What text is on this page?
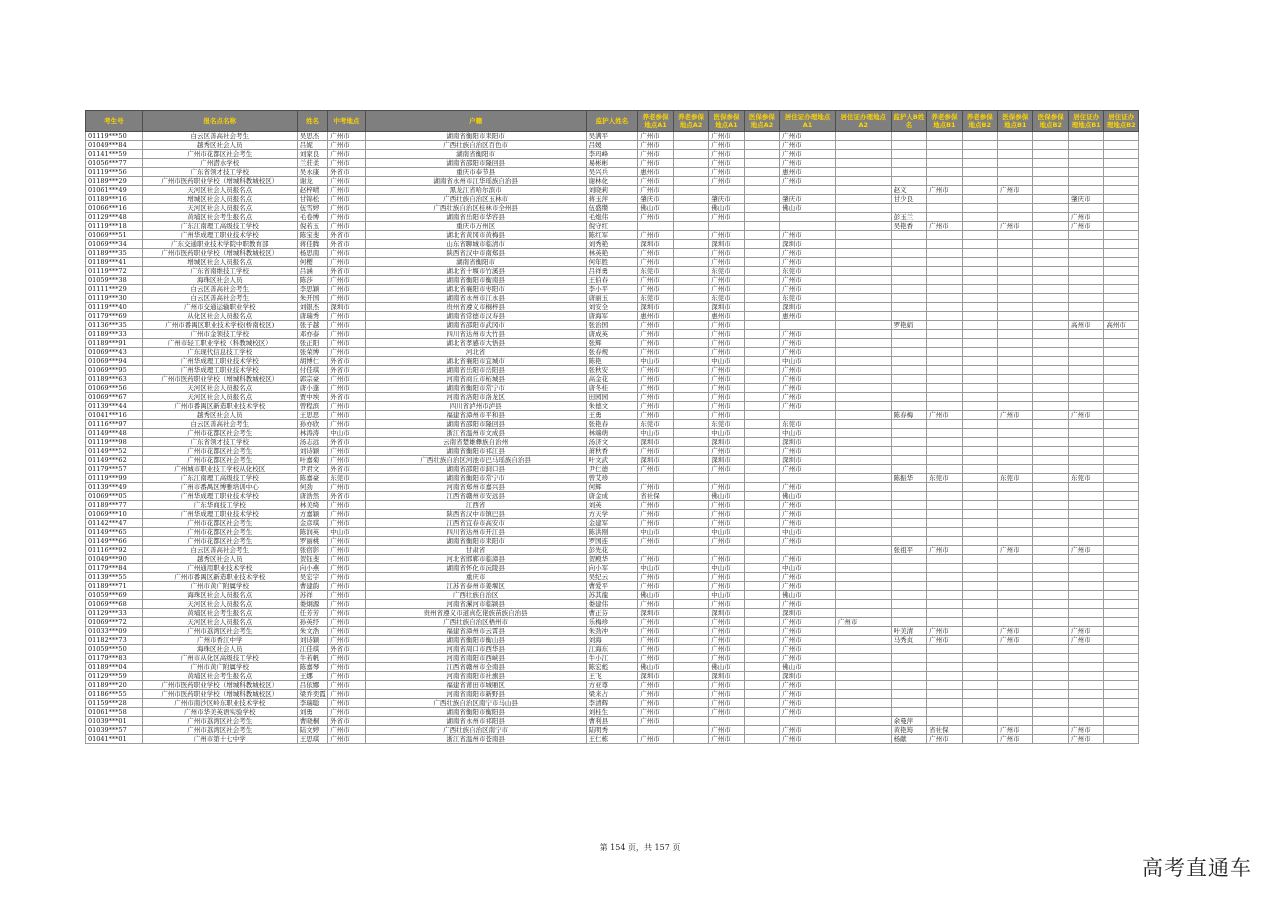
考生号	报名点名称	姓名	中考地点	户籍	监护人姓名	养老参保地点A1	养老参保地点A2	医保参保地点A1	医保参保地点A2	居住证办理地点A1	居住证办理地点A2	监护人B姓名	养老参保地点B1	养老参保地点B2	医保参保地点B1	医保参保地点B2	居住证办理地点B1	居住证办理地点B2
01119***50	白云区善高社会考生	吴思杰	广州市	湖南省衡阳市耒阳市	吴满平	广州市		广州市		广州市								
01049***84	越秀区社会人员	吕妮	广州市	广西壮族自治区百色市	吕媛	广州市		广州市		广州市								
01141***59	广州市花都区社会考生	刘家良	广州市	湖南省衡阳市	李玛峰	广州市		广州市		广州市								
01056***77	广州潜水学校	兰莊柔	广州市	湖南省邵阳市隆回县	易彬彬	广州市		广州市		广州市								
01119***56	广东省领才技工学校	吴永康	外省市	重庆市奉节县	吴兴兵	惠州市		广州市		惠州市								
01189***29	广州市医药职业学校（增城科教城校区）	谢龙	广州市	湖南省永州市江华瑶族自治县	谢林化	广州市		广州市		广州市								
01061***49	天河区社会人员报名点	赵梓晴	广州市	黑龙江省哈尔滨市	刘晓莉	广州市						赵义	广州市		广州市			
01189***16	增城区社会人员报名点	甘锦松	广州市	广西壮族自治区玉林市	蒋玉萍	肇庆市		肇庆市		肇庆市		甘少良					肇庆市	
01066***16	天河区社会人员报名点	伍雪婷	广州市	广西壮族自治区桂林市全州县	伍盛缵	佛山市		佛山市		佛山市								
01129***48	黄埔区社会考生报名点	毛卷博	广州市	湖南省岳阳市华容县	毛炮伟	广州市		广州市				彭玉兰					广州市	
01119***18	广东江南理工高级技工学校	倪若玉	广州市	重庆市万州区	倪守红							吴艳香	广州市		广州市		广州市	
01069***51	广州华成理工职业技术学校	陈宝斐	外省市	湖北省黄冈市黄梅县	陈红军	广州市		广州市		广州市								
01069***34	广东交通职业技术学院中职教育部	蒋佳腾	外省市	山东省聊城市临清市	刘秀艳	深圳市		深圳市		深圳市								
01189***35	广州市医药职业学校（增城科教城校区）	杨思南	广州市	陕西省汉中市南郑县	林英艳	广州市		广州市		广州市								
01189***41	增城区社会人员报名点	何樱	广州市	湖南省衡阳市	何年胜	广州市		广州市		广州市								
01119***72	广东省南维技工学校	吕涵	外省市	湖北省十堰市竹溪县	吕祥勇	东莞市		东莞市		东莞市								
01059***38	海珠区社会人员	陈莎	广州市	湖南省衡阳市衡南县	王伯春	广州市		广州市		广州市								
01111***29	白云区善高社会考生	李思颖	广州市	湖北省襄阳市枣阳市	李小平	广州市		广州市		广州市								
01119***30	白云区善高社会考生	朱开国	广州市	湖南省永州市江永县	唐丽玉	东莞市		东莞市		东莞市								
01119***40	广州市交通运输职业学校	刘银杰	深圳市	贵州省遵义市桐梓县	刘安全	深圳市		深圳市		深圳市								
01179***69	从化区社会人员报名点	唐瑞秀	广州市	湖南省常德市汉寿县	唐海军	惠州市		惠州市		惠州市								
01136***35	广州市番禺区职业技术学校(桥南校区)	张子越	广州市	湖南省邵阳市武冈市	张治国	广州市		广州市				罗艳娟					高州市	高州市
01189***33	广州市金领技工学校	邓亦泰	广州市	四川省达州市大竹县	唐成英	广州市		广州市		广州市								
01189***91	广州市轻工职业学校（科教城校区）	张正阳	广州市	湖北省孝感市大悟县	张辉	广州市		广州市		广州市								
01069***43	广东现代信息技工学校	张荣博	广州市	河北省	张春规	广州市		广州市		广州市								
01069***94	广州华成理工职业技术学校	胡博仁	外省市	湖北省襄阳市宜城市	陈艳	中山市		中山市		中山市								
01069***95	广州华成理工职业技术学校	付佳琪	外省市	湖南省岳阳市岳阳县	张秋安	广州市		广州市		广州市								
01189***63	广州市医药职业学校（增城科教城校区）	郭宗豪	广州市	河南省商丘市柘城县	高金花	广州市		广州市		广州市								
01069***56	天河区社会人员报名点	唐小蓬	广州市	湖南省衡阳市常宁市	唐冬桂	广州市		广州市		广州市								
01069***67	天河区社会人员报名点	贾中埃	外省市	河南省洛阳市洛龙区	田园园	广州市		广州市		广州市								
01139***44	广州市番禺区新造职业技术学校	曾程滨	广州市	四川省泸州市泸县	朱德文	广州市		广州市		广州市								
01041***16	越秀区社会人员	王思思	广州市	福建省漳州市平和县	王勇	广州市		广州市				陈春梅	广州市		广州市		广州市	
01116***97	白云区善高社会考生	孙亦欣	广州市	湖南省邵阳市隆回县	张艳春	东莞市		东莞市		东莞市								
01149***48	广州市花都区社会考生	林涛涛	中山市	浙江省温州市文成县	林端萌	中山市		中山市		中山市								
01119***98	广东省领才技工学校	汤志远	外省市	云南省楚雄彝族自治州	汤济文	深圳市		深圳市		深圳市								
01149***52	广州市花都区社会考生	刘诗颖	广州市	湖南省衡阳市祁江县	萧秋香	广州市		广州市		广州市								
01149***62	广州市花都区社会考生	叶嘉菊	广州市	广西壮族自治区河池市巴马瑶族自治县	叶文武	深圳市		深圳市		深圳市								
01179***57	广州城市职业技工学校从化校区	尹君文	外省市	湖南省邵阳市洞口县	尹仁德	广州市		广州市		广州市								
01119***99	广东江南理工高级技工学校	陈嘉豪	东莞市	湖南省衡阳市常宁市	曾艾珍							陈振华	东莞市		东莞市		东莞市	
01139***49	广州市番禺区博雅培训中心	何劲	广州市	河南省郑州市嘉兴县	何辉	广州市		广州市		广州市								
01069***05	广州华成理工职业技术学校	唐浩然	外省市	江西省赣州市安远县	唐金成	省社保		佛山市		佛山市								
01189***77	广东华商技工学校	林美绮	广州市	江西省	刘英	广州市		广州市		广州市								
01069***10	广州华成理工职业技术学校	方嘉颖	广州市	陕西省汉中市镇巴县	方天学	广州市		广州市		广州市								
01142***47	广州市花都区社会考生	金彦琪	广州市	江西省宜春市高安市	金建军	广州市		广州市		广州市								
01149***65	广州市花都区社会考生	陈润英	中山市	四川省达州市开江县	陈洪刚	中山市		中山市		中山市								
01149***66	广州市花都区社会考生	罗丽桃	广州市	湖南省衡阳市耒阳市	罗国连	广州市		广州市		广州市								
01116***92	白云区善高社会考生	张宿影	广州市	甘肃省	彭先花							张祖平	广州市		广州市		广州市	
01049***90	越秀区社会人员	贺钰斐	广州市	河北省邯郸市临漳县	贺殿华	广州市		广州市		广州市								
01179***84	广州通用职业技术学校	向小燕	广州市	湖南省怀化市沅陵县	向小军	中山市		中山市		中山市								
01139***55	广州市番禺区新造职业技术学校	吴宏宇	广州市	重庆市	吴纪云	广州市		广州市		广州市								
01189***71	广州市黄广附属学校	曹建韵	广州市	江苏省泰州市姜堰区	曹爱平	广州市		广州市		广州市								
01059***69	海珠区社会人员报名点	苏祥	广州市	广西壮族自治区	苏其龍	佛山市		中山市		佛山市								
01069***68	天河区社会人员报名点	娄炯源	广州市	河南省漯河市临颍县	娄建伟	广州市		广州市		广州市								
01129***33	黄埔区社会考生报名点	任芳芳	广州市	贵州省遵义市道真仡佬族苗族自治县	曹正芬	深圳市		深圳市		深圳市								
01069***72	天河区社会人员报名点	孙英纾	广州市	广西壮族自治区梧州市	乐梅珍	广州市		广州市		广州市	广州市							
01033***09	广州市荔湾区社会考生	朱文浩	广州市	福建省漳州市云霄县	朱劲冲	广州市		广州市		广州市		叶美清	广州市		广州市		广州市	
01182***73	广州市香江中学	刘诗颖	广州市	湖南省衡阳市衡山县	刘海	广州市		广州市		广州市		马秀贞	广州市		广州市		广州市	
01059***50	海珠区社会人员	江佳琪	外省市	河南省周口市西华县	江海东	广州市		广州市		广州市								
01179***83	广州市从化区高级技工学校	牛若帆	广州市	河南省南阳市西峡县	牛小江	广州市		广州市		广州市								
01189***04	广州市黄广附属学校	陈嘉琴	广州市	江西省赣州市全南县	陈宏彪	佛山市		佛山市		佛山市								
01129***59	黄埔区社会考生报名点	王娜	广州市	河南省南阳市社旗县	王飞	深圳市		深圳市		深圳市								
01189***20	广州市医药职业学校（增城科教城校区）	吕依娜	广州市	福建省莆田市城厢区	方亚尊	广州市		广州市		广州市								
01186***55	广州市医药职业学校（增城科教城校区）	梁乔奕霞	广州市	河南省南阳市新野县	梁来占	广州市		广州市		广州市								
01159***28	广州市南沙区岭东职业技术学校	李瑞聪	广州市	广西壮族自治区南宁市马山县	李清辉	广州市		广州市		广州市								
01061***58	广州市华美英语实验学校	刘勇	广州市	湖南省衡阳市衡阳县	刘桂生	广州市		广州市		广州市								
01039***01	广州市荔湾区社会考生	曹晓桐	外省市	湖南省永州市祁阳县	曹利县	广州市						余曼萍						
01039***57	广州市荔湾区社会考生	陆文婷	广州市	广西壮族自治区南宁市	陆明秀			广州市		广州市		黄艳筠	省社保		广州市		广州市	
01041***01	广州市第十七中学	王思琪	广州市	浙江省温州市苍南县	王仁栋	广州市		广州市		广州市		杨献	广州市		广州市		广州市	
第 154 页，共 157 页
高考直通车
